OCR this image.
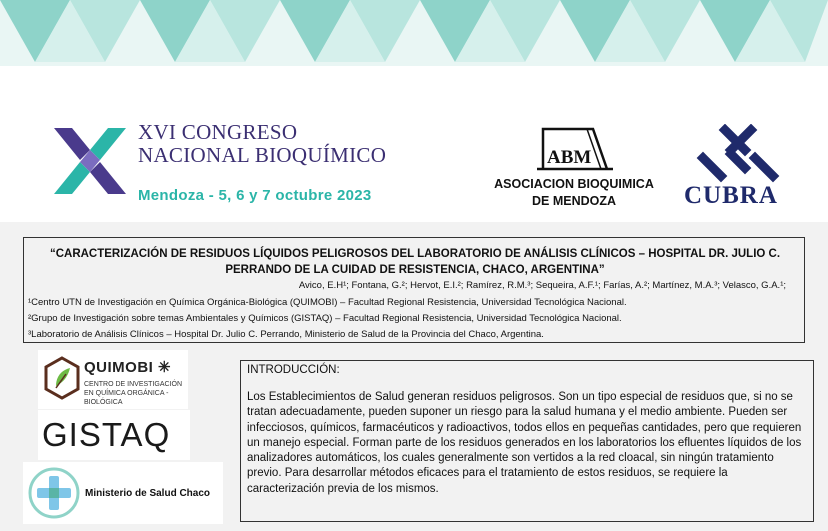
XVI CONGRESO
NACIONAL BIOQUÍMICO
Mendoza - 5, 6 y 7 octubre 2023
ABM
ASOCIACION BIOQUIMICA
DE MENDOZA	CUBRA
“CARACTERIZACIÓN DE RESIDUOS LÍQUIDOS PELIGROSOS DEL LABORATORIO DE ANÁLISIS CLÍNICOS – HOSPITAL DR. JULIO C. PERRANDO DE LA CUIDAD DE RESISTENCIA, CHACO, ARGENTINA”
Avico, E.H¹; Fontana, G.²; Hervot, E.I.²; Ramírez, R.M.³; Sequeira, A.F.¹; Farías, A.²; Martínez, M.A.³; Velasco, G.A.¹;
¹Centro UTN de Investigación en Química Orgánica-Biológica (QUIMOBI) – Facultad Regional Resistencia, Universidad Tecnológica Nacional.
²Grupo de Investigación sobre temas Ambientales y Químicos (GISTAQ) – Facultad Regional Resistencia, Universidad Tecnológica Nacional.
³Laboratorio de Análisis Clínicos – Hospital Dr. Julio C. Perrando, Ministerio de Salud de la Provincia del Chaco, Argentina.
QUIMOBI ✳
CENTRO DE INVESTIGACIÓN EN QUÍMICA ORGÁNICA - BIOLÓGICA
GISTAQ
Ministerio de Salud Chaco
INTRODUCCIÓN:

Los Establecimientos de Salud generan residuos peligrosos. Son un tipo especial de residuos que, si no se tratan adecuadamente, pueden suponer un riesgo para la salud humana y el medio ambiente. Pueden ser infecciosos, químicos, farmacéuticos y radioactivos, todos ellos en pequeñas cantidades, pero que requieren un manejo especial. Forman parte de los residuos generados en los laboratorios los efluentes líquidos de los analizadores automáticos, los cuales generalmente son vertidos a la red cloacal, sin ningún tratamiento previo. Para desarrollar métodos eficaces para el tratamiento de estos residuos, se requiere la caracterización previa de los mismos.
